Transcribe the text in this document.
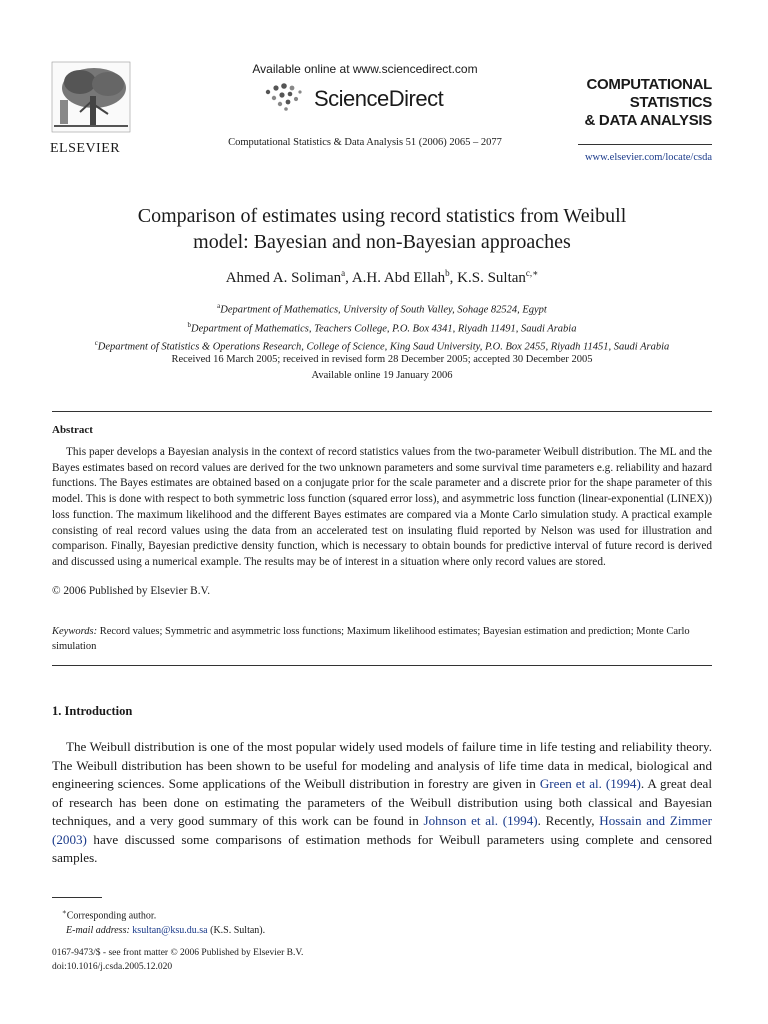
ELSEVIER
Available online at www.sciencedirect.com
ScienceDirect
Computational Statistics & Data Analysis 51 (2006) 2065 – 2077
COMPUTATIONAL
STATISTICS
& DATA ANALYSIS
www.elsevier.com/locate/csda
Comparison of estimates using record statistics from Weibull
model: Bayesian and non-Bayesian approaches
Ahmed A. Soliman$^a$, A.H. Abd Ellah$^b$, K.S. Sultan$^{c,∗}$
$^a$Department of Mathematics, University of South Valley, Sohage 82524, Egypt
$^b$Department of Mathematics, Teachers College, P.O. Box 4341, Riyadh 11491, Saudi Arabia
$^c$Department of Statistics & Operations Research, College of Science, King Saud University, P.O. Box 2455, Riyadh 11451, Saudi Arabia
Received 16 March 2005; received in revised form 28 December 2005; accepted 30 December 2005
Available online 19 January 2006
Abstract
This paper develops a Bayesian analysis in the context of record statistics values from the two-parameter Weibull distribution. The ML and the Bayes estimates based on record values are derived for the two unknown parameters and some survival time parameters e.g. reliability and hazard functions. The Bayes estimates are obtained based on a conjugate prior for the scale parameter and a discrete prior for the shape parameter of this model. This is done with respect to both symmetric loss function (squared error loss), and asymmetric loss function (linear-exponential (LINEX)) loss function. The maximum likelihood and the different Bayes estimates are compared via a Monte Carlo simulation study. A practical example consisting of real record values using the data from an accelerated test on insulating fluid reported by Nelson was used for illustration and comparison. Finally, Bayesian predictive density function, which is necessary to obtain bounds for predictive interval of future record is derived and discussed using a numerical example. The results may be of interest in a situation where only record values are stored.
© 2006 Published by Elsevier B.V.
Keywords: Record values; Symmetric and asymmetric loss functions; Maximum likelihood estimates; Bayesian estimation and prediction; Monte Carlo simulation
1. Introduction
The Weibull distribution is one of the most popular widely used models of failure time in life testing and reliability theory. The Weibull distribution has been shown to be useful for modeling and analysis of life time data in medical, biological and engineering sciences. Some applications of the Weibull distribution in forestry are given in Green et al. (1994). A great deal of research has been done on estimating the parameters of the Weibull distribution using both classical and Bayesian techniques, and a very good summary of this work can be found in Johnson et al. (1994). Recently, Hossain and Zimmer (2003) have discussed some comparisons of estimation methods for Weibull parameters using complete and censored samples.
∗Corresponding author.
E-mail address: ksultan@ksu.du.sa (K.S. Sultan).
0167-9473/$ - see front matter © 2006 Published by Elsevier B.V.
doi:10.1016/j.csda.2005.12.020
